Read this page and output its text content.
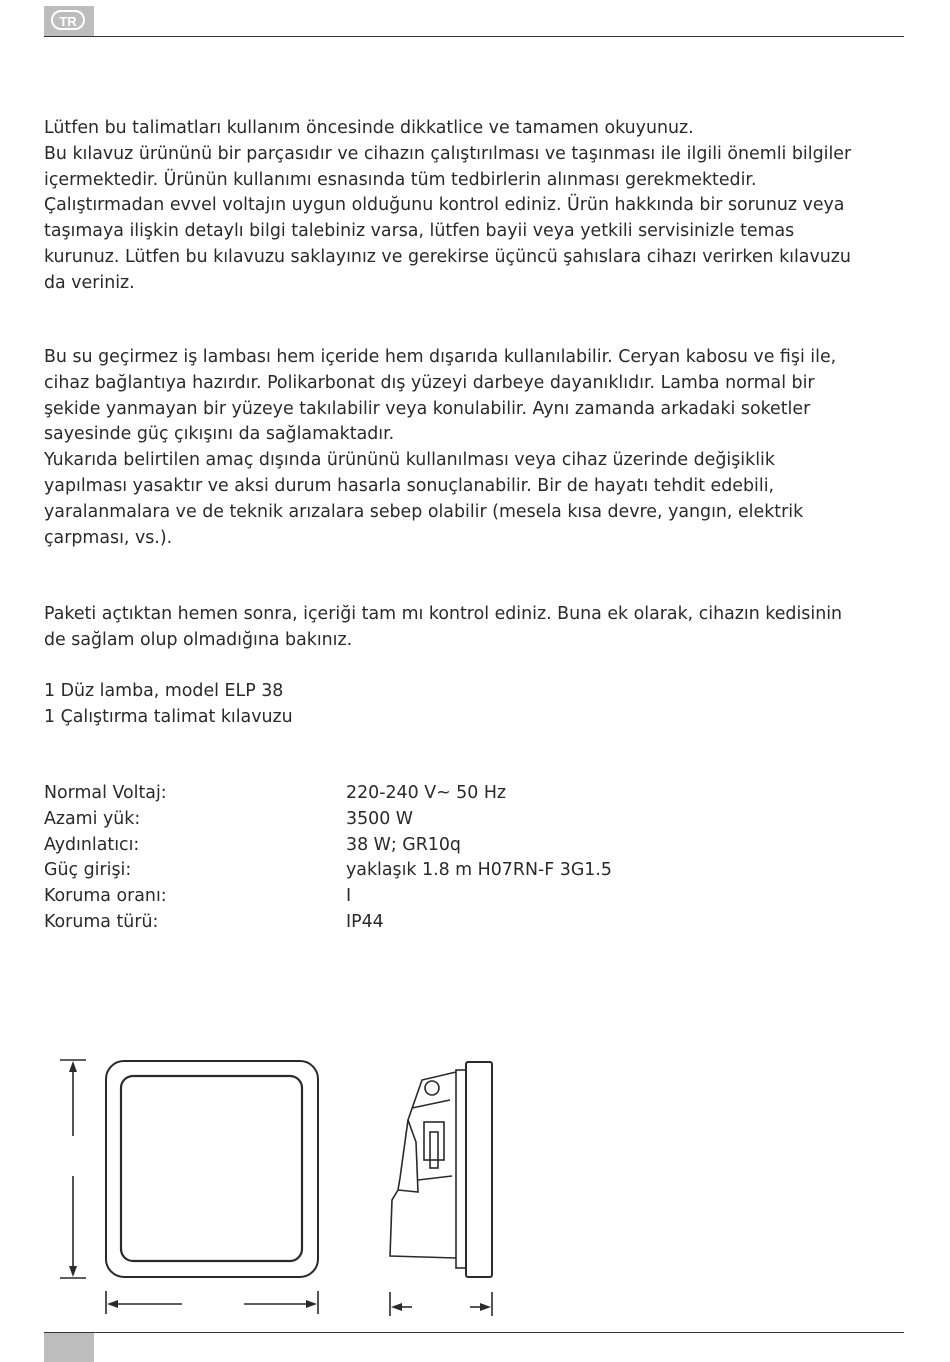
TR

Lütfen bu talimatları kullanım öncesinde dikkatlice ve tamamen okuyunuz.
Bu kılavuz ürününü bir parçasıdır ve cihazın çalıştırılması ve taşınması ile ilgili önemli bilgiler
içermektedir. Ürünün kullanımı esnasında tüm tedbirlerin alınması gerekmektedir.
Çalıştırmadan evvel voltajın uygun olduğunu kontrol ediniz. Ürün hakkında bir sorunuz veya
taşımaya ilişkin detaylı bilgi talebiniz varsa, lütfen bayii veya yetkili servisinizle temas
kurunuz. Lütfen bu kılavuzu saklayınız ve gerekirse üçüncü şahıslara cihazı verirken kılavuzu
da veriniz.

Bu su geçirmez iş lambası hem içeride hem dışarıda kullanılabilir. Ceryan kabosu ve fişi ile,
cihaz bağlantıya hazırdır. Polikarbonat dış yüzeyi darbeye dayanıklıdır. Lamba normal bir
şekide yanmayan bir yüzeye takılabilir veya konulabilir. Aynı zamanda arkadaki soketler
sayesinde güç çıkışını da sağlamaktadır.
Yukarıda belirtilen amaç dışında ürününü kullanılması veya cihaz üzerinde değişiklik
yapılması yasaktır ve aksi durum hasarla sonuçlanabilir. Bir de hayatı tehdit edebili,
yaralanmalara ve de teknik arızalara sebep olabilir (mesela kısa devre, yangın, elektrik
çarpması, vs.).

Paketi açtıktan hemen sonra, içeriği tam mı kontrol ediniz. Buna ek olarak, cihazın kedisinin
de sağlam olup olmadığına bakınız.

1 Düz lamba, model ELP 38
1 Çalıştırma talimat kılavuzu

Normal Voltaj:	220-240 V~ 50 Hz
Azami yük:	3500 W
Aydınlatıcı:	38 W; GR10q
Güç girişi:	yaklaşık 1.8 m H07RN-F 3G1.5
Koruma oranı:	I
Koruma türü:	IP44
